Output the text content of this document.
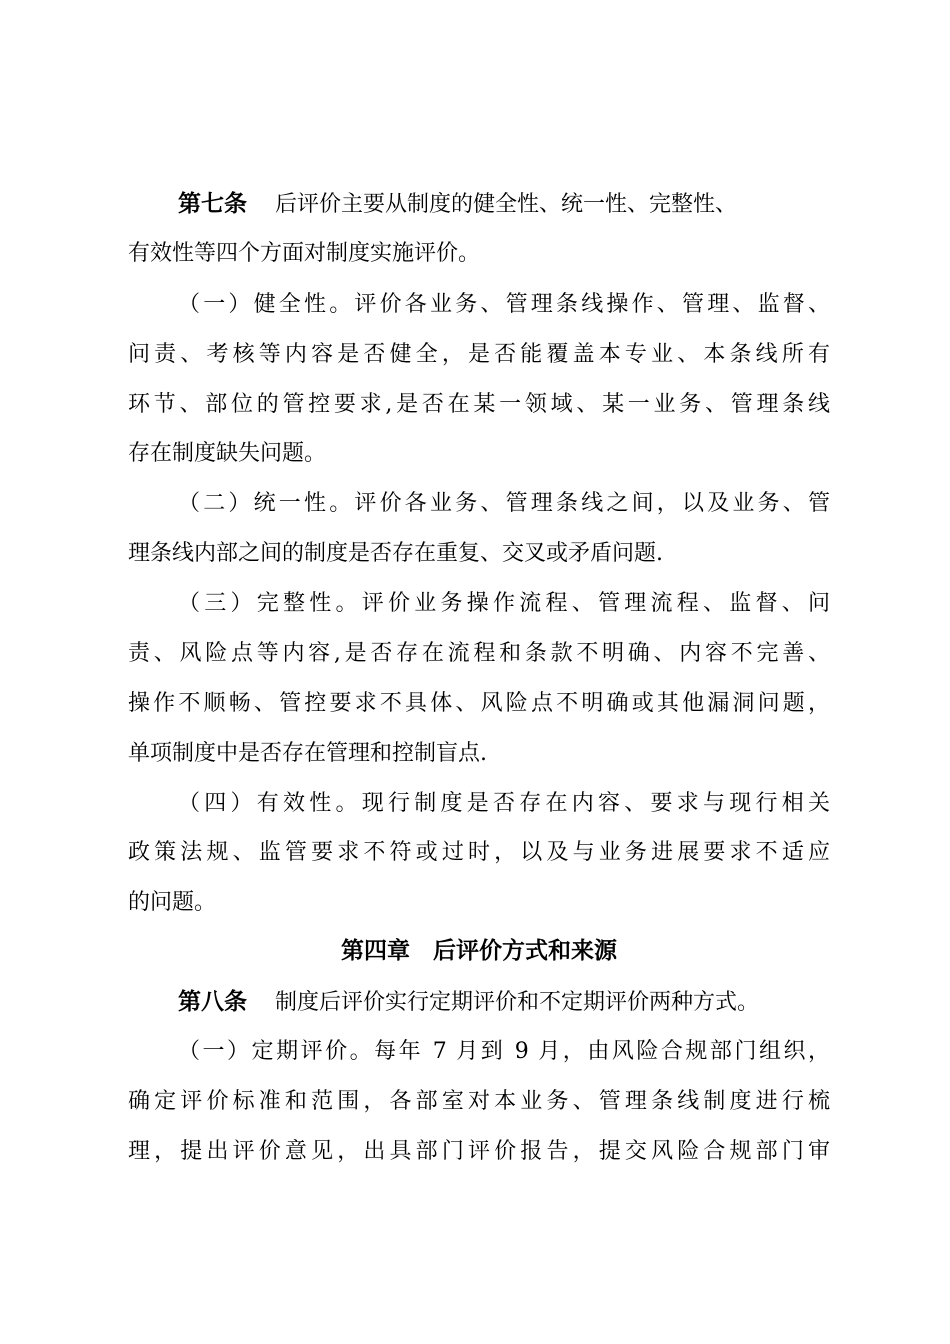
第七条 后评价主要从制度的健全性、统一性、完整性、
有效性等四个方面对制度实施评价。
（一）健全性。评价各业务、管理条线操作、管理、监督、
问责、考核等内容是否健全，是否能覆盖本专业、本条线所有
环节、部位的管控要求,是否在某一领域、某一业务、管理条线
存在制度缺失问题。
（二）统一性。评价各业务、管理条线之间，以及业务、管
理条线内部之间的制度是否存在重复、交叉或矛盾问题.
（三）完整性。评价业务操作流程、管理流程、监督、问
责、风险点等内容,是否存在流程和条款不明确、内容不完善、
操作不顺畅、管控要求不具体、风险点不明确或其他漏洞问题，
单项制度中是否存在管理和控制盲点.
（四）有效性。现行制度是否存在内容、要求与现行相关
政策法规、监管要求不符或过时，以及与业务进展要求不适应
的问题。
第四章　后评价方式和来源
第八条 制度后评价实行定期评价和不定期评价两种方式。
（一）定期评价。每年 7 月到 9 月，由风险合规部门组织，
确定评价标准和范围，各部室对本业务、管理条线制度进行梳
理，提出评价意见，出具部门评价报告，提交风险合规部门审
